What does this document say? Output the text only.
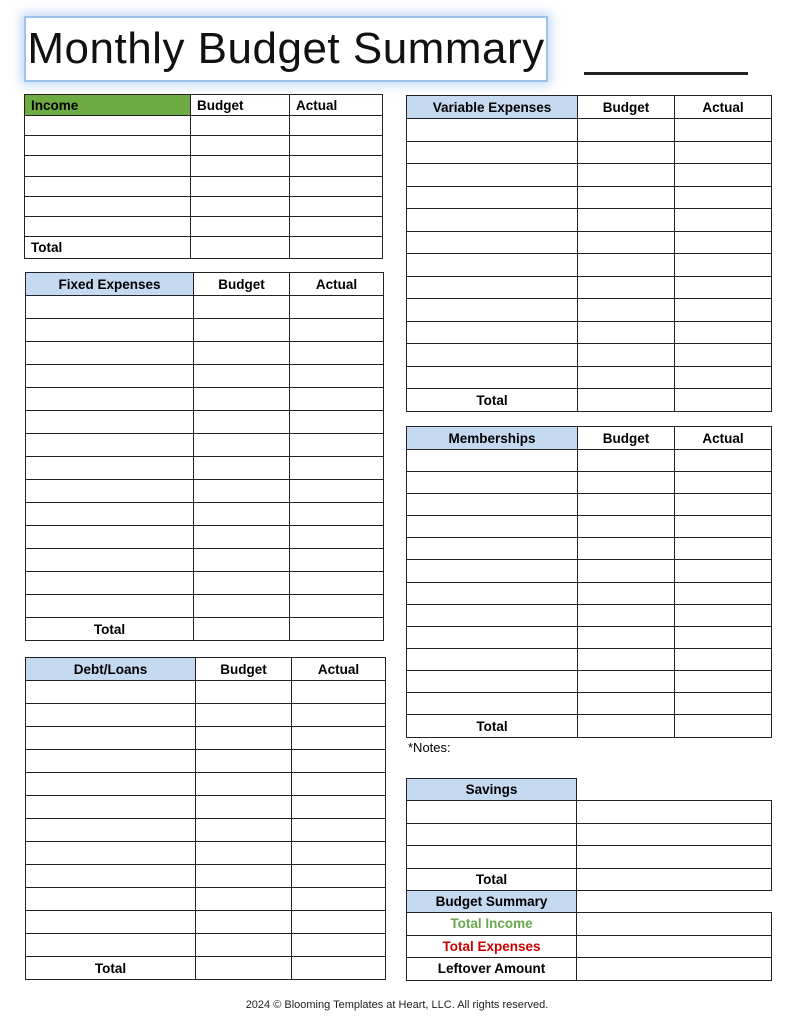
Monthly Budget Summary
Income	Budget	Actual

Total		
Fixed Expenses	Budget	Actual

Total		
Debt/Loans	Budget	Actual

Total		
Variable Expenses	Budget	Actual

Total		
Memberships	Budget	Actual

Total		
*Notes:
Savings	

Total	
Budget Summary	
Total Income	
Total Expenses	
Leftover Amount	
2024 © Blooming Templates at Heart, LLC. All rights reserved.
